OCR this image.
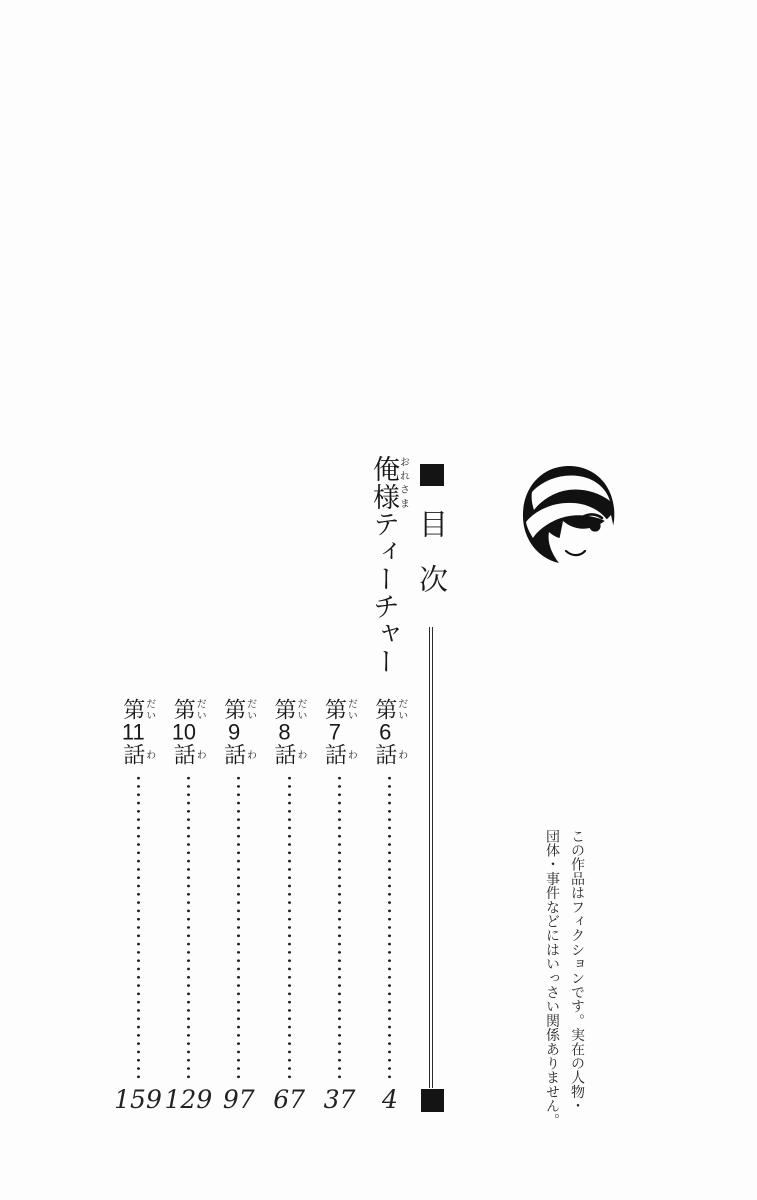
目次
俺おれ様さまティーチャー
第だい6話わ
4
第だい7話わ
37
第だい8話わ
67
第だい9話わ
97
第だい10話わ
129
第だい11話わ
159	この作品はフィクションです。実在の人物・
団体・事件などにはいっさい関係ありません。
